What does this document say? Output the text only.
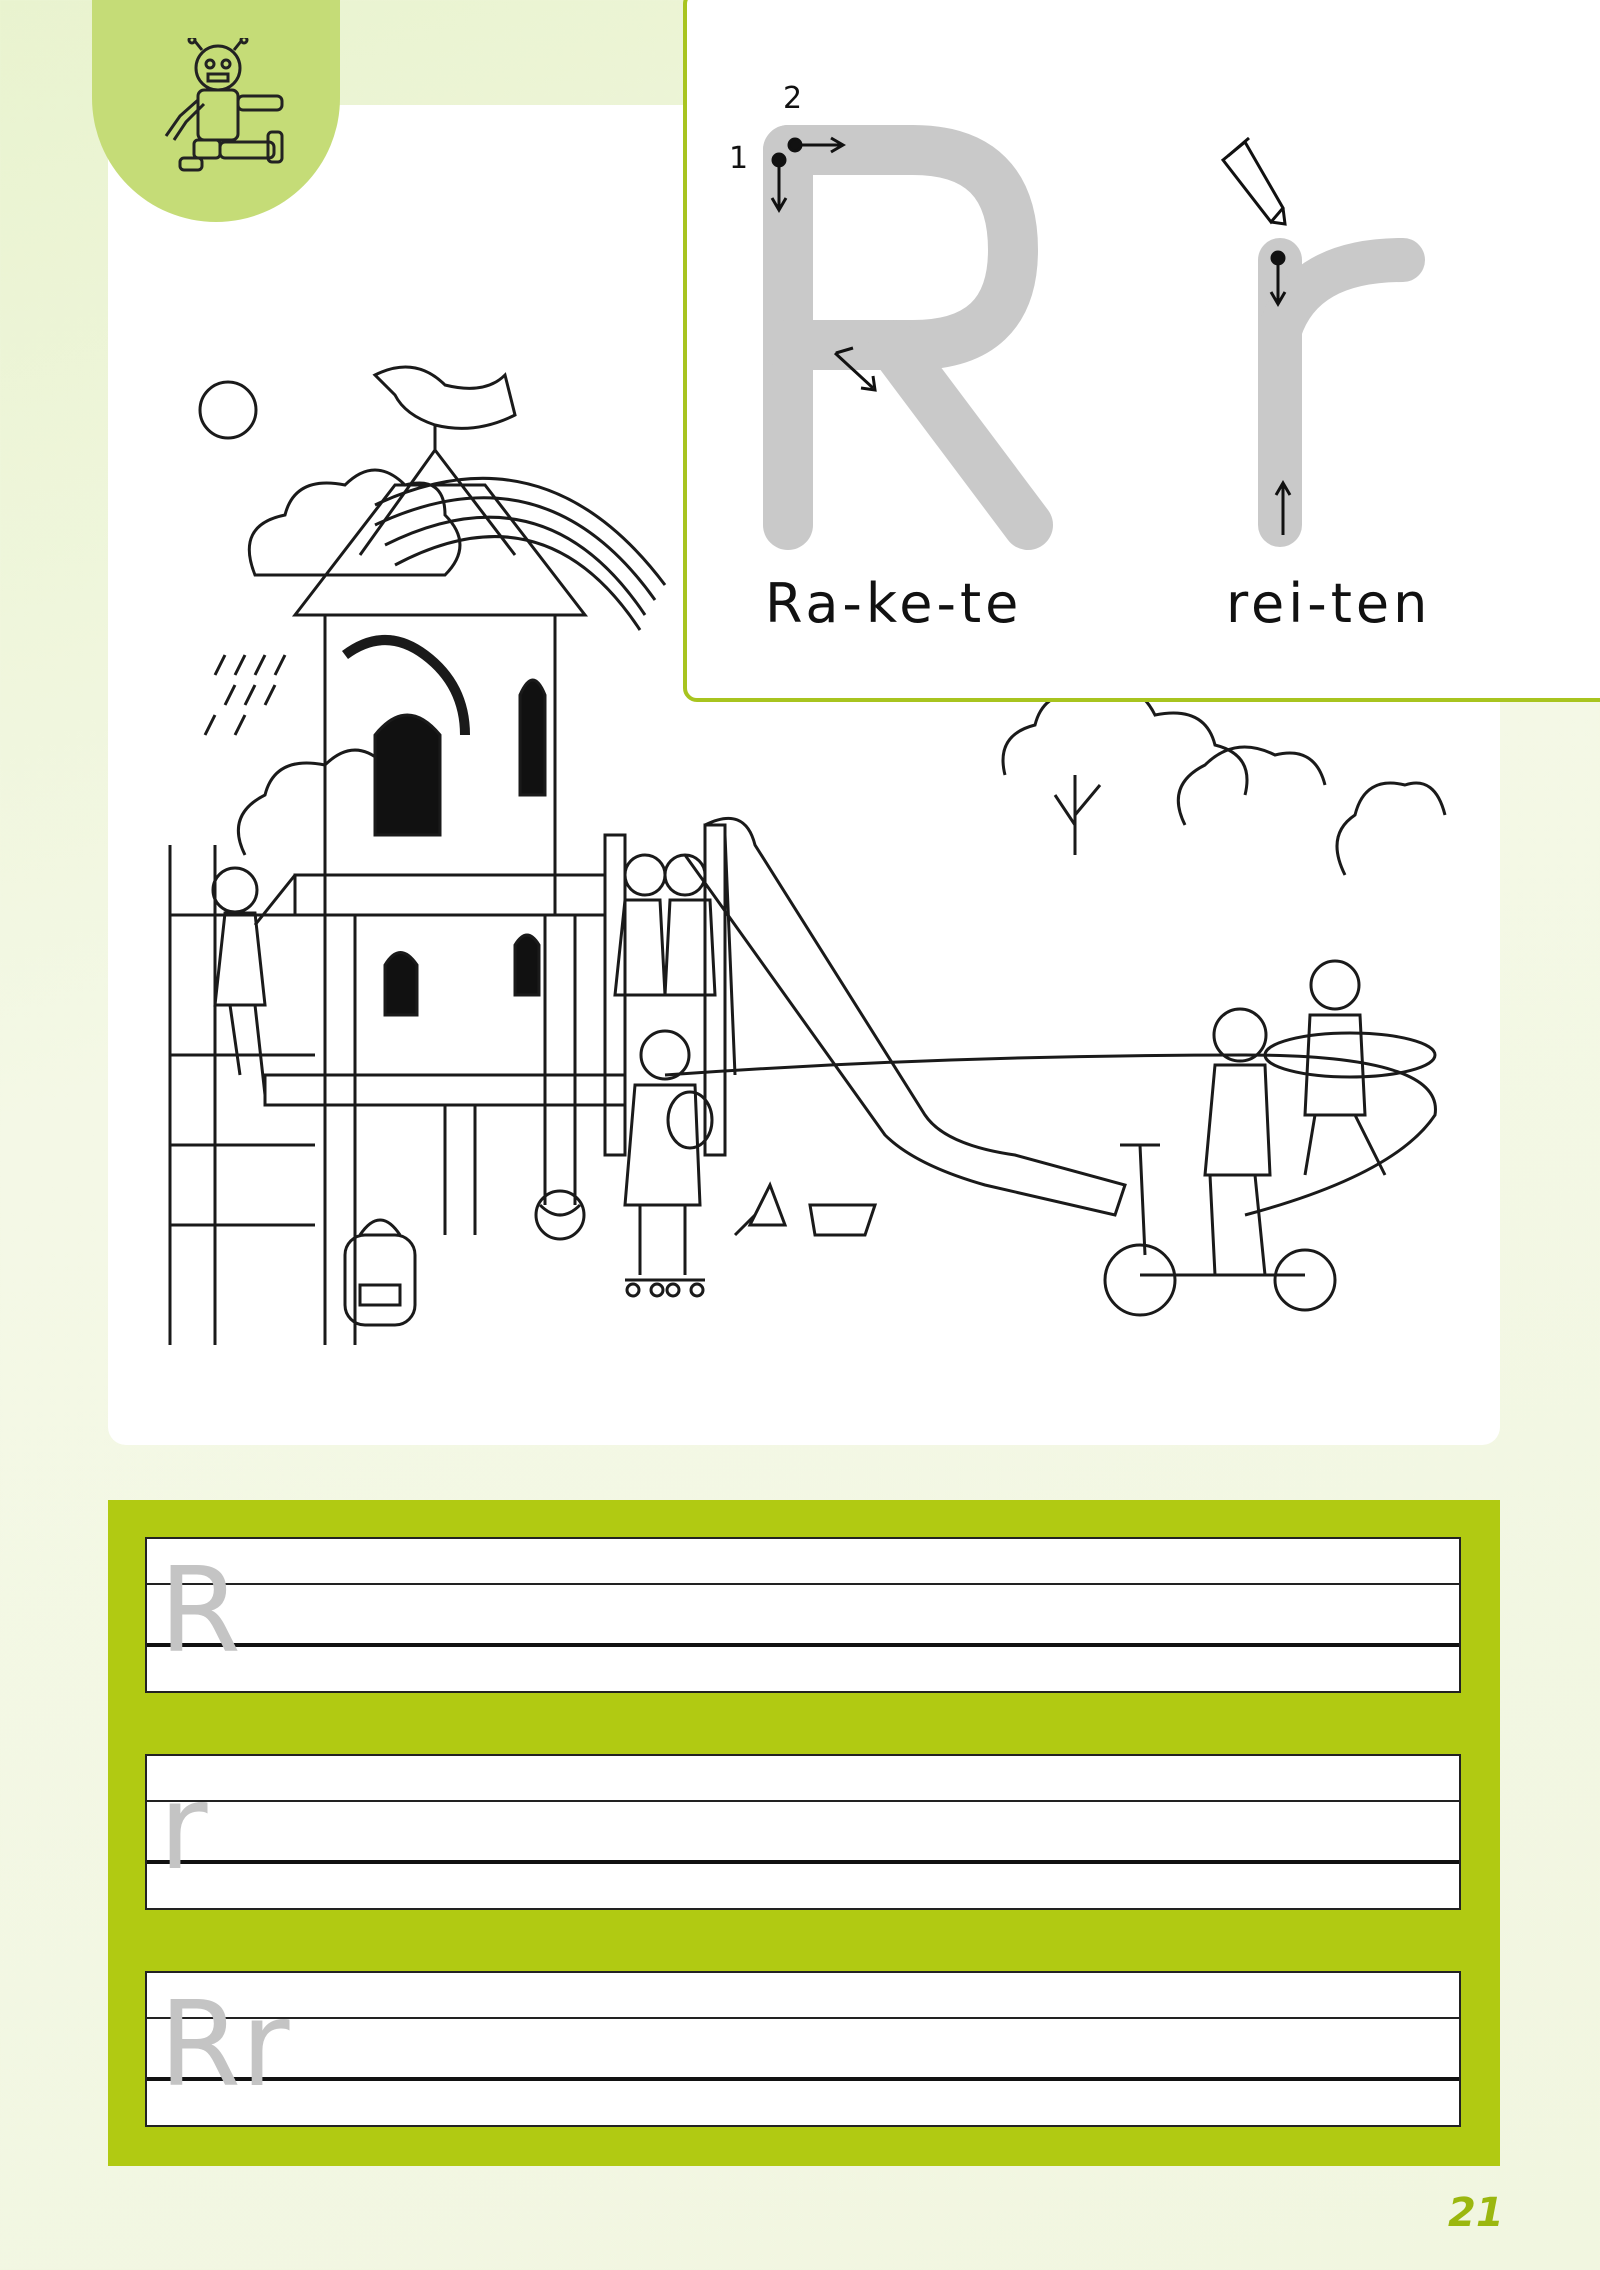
1
2
Ra-ke-te	rei-ten
R
r
Rr
21
